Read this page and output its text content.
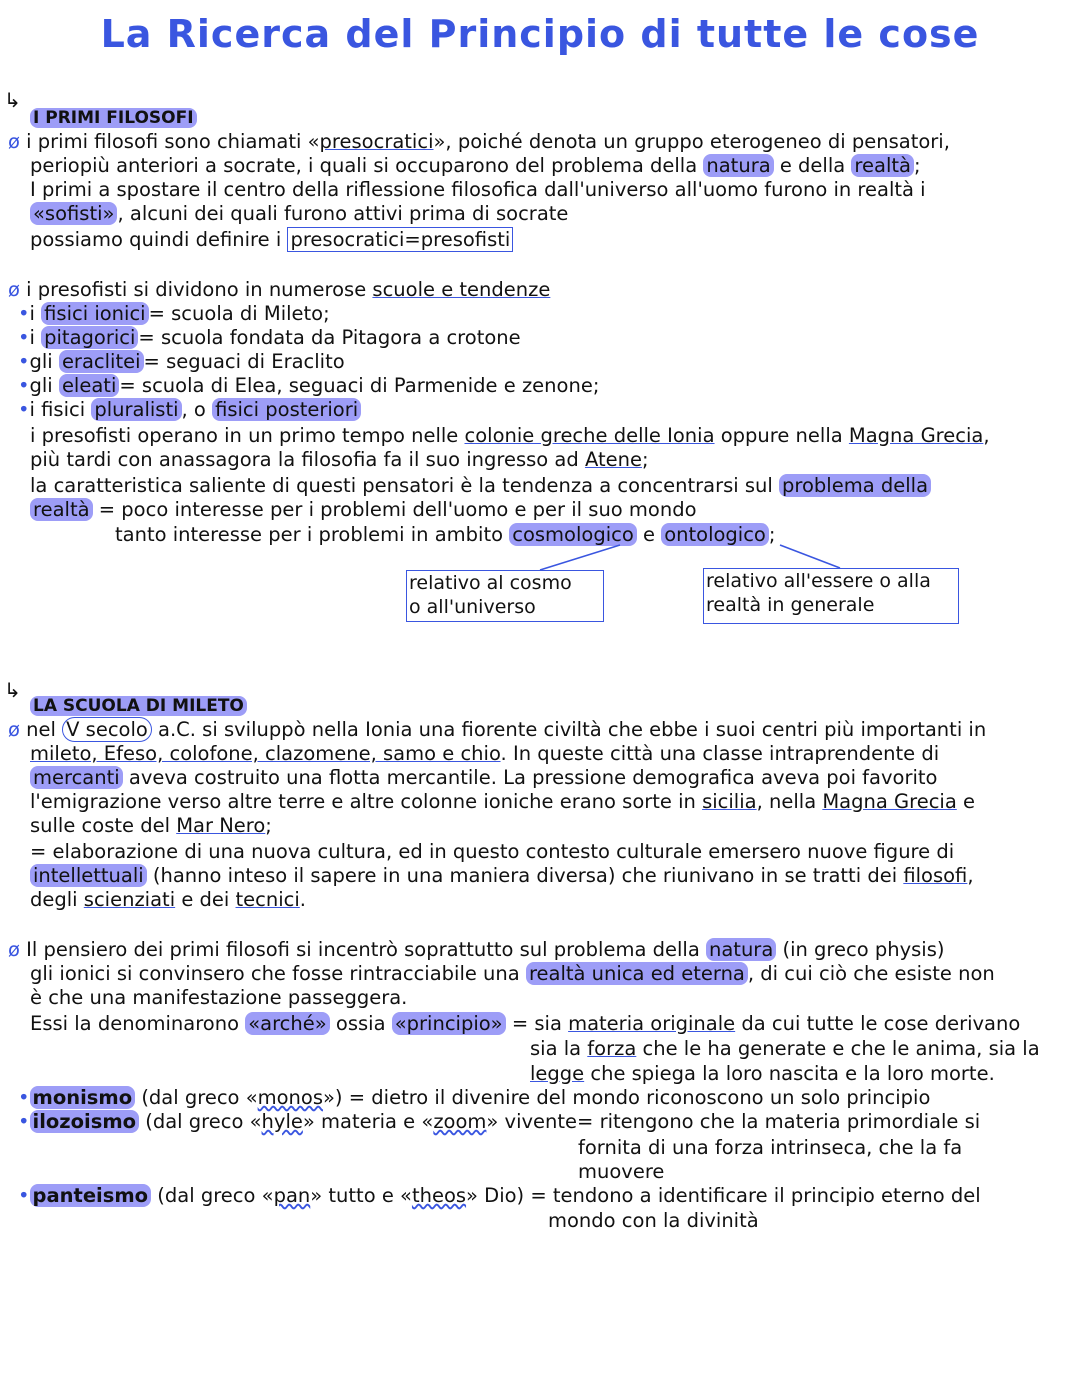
La Ricerca del Principio di tutte le cose
↳
I PRIMI FILOSOFI
ø i primi filosofi sono chiamati «presocratici», poiché denota un gruppo eterogeneo di pensatori,
periopiù anteriori a socrate, i quali si occuparono del problema della natura e della realtà ;
I primi a spostare il centro della riflessione filosofica dall'universo all'uomo furono in realtà i
«sofisti» , alcuni dei quali furono attivi prima di socrate
possiamo quindi definire i presocratici=presofisti
ø i presofisti si dividono in numerose scuole e tendenze
•i fisici ionici = scuola di Mileto;
•i pitagorici = scuola fondata da Pitagora a crotone
•gli eraclitei = seguaci di Eraclito
•gli eleati = scuola di Elea, seguaci di Parmenide e zenone;
•i fisici pluralisti , o fisici posteriori
i presofisti operano in un primo tempo nelle colonie greche delle Ionia oppure nella Magna Grecia,
più tardi con anassagora la filosofia fa il suo ingresso ad Atene;
la caratteristica saliente di questi pensatori è la tendenza a concentrarsi sul problema della
realtà = poco interesse per i problemi dell'uomo e per il suo mondo
tanto interesse per i problemi in ambito cosmologico e ontologico ;
relativo al cosmo
o all'universo
relativo all'essere o alla
realtà in generale
↳
LA SCUOLA DI MILETO
ø nel V secolo a.C. si sviluppò nella Ionia una fiorente civiltà che ebbe i suoi centri più importanti in
mileto, Efeso, colofone, clazomene, samo e chio. In queste città una classe intraprendente di
mercanti aveva costruito una flotta mercantile. La pressione demografica aveva poi favorito
l'emigrazione verso altre terre e altre colonne ioniche erano sorte in sicilia, nella Magna Grecia e
sulle coste del Mar Nero;
= elaborazione di una nuova cultura, ed in questo contesto culturale emersero nuove figure di
intellettuali (hanno inteso il sapere in una maniera diversa) che riunivano in se tratti dei filosofi,
degli scienziati e dei tecnici.
ø Il pensiero dei primi filosofi si incentrò soprattutto sul problema della natura (in greco physis)
gli ionici si convinsero che fosse rintracciabile una realtà unica ed eterna , di cui ciò che esiste non
è che una manifestazione passeggera.
Essi la denominarono «arché» ossia «principio» = sia materia originale da cui tutte le cose derivano
sia la forza che le ha generate e che le anima, sia la
legge che spiega la loro nascita e la loro morte.
• monismo (dal greco «monos») = dietro il divenire del mondo riconoscono un solo principio
• ilozoismo (dal greco «hyle» materia e «zoom» vivente= ritengono che la materia primordiale si
fornita di una forza intrinseca, che la fa
muovere
• panteismo (dal greco «pan» tutto e «theos» Dio) = tendono a identificare il principio eterno del
mondo con la divinità
